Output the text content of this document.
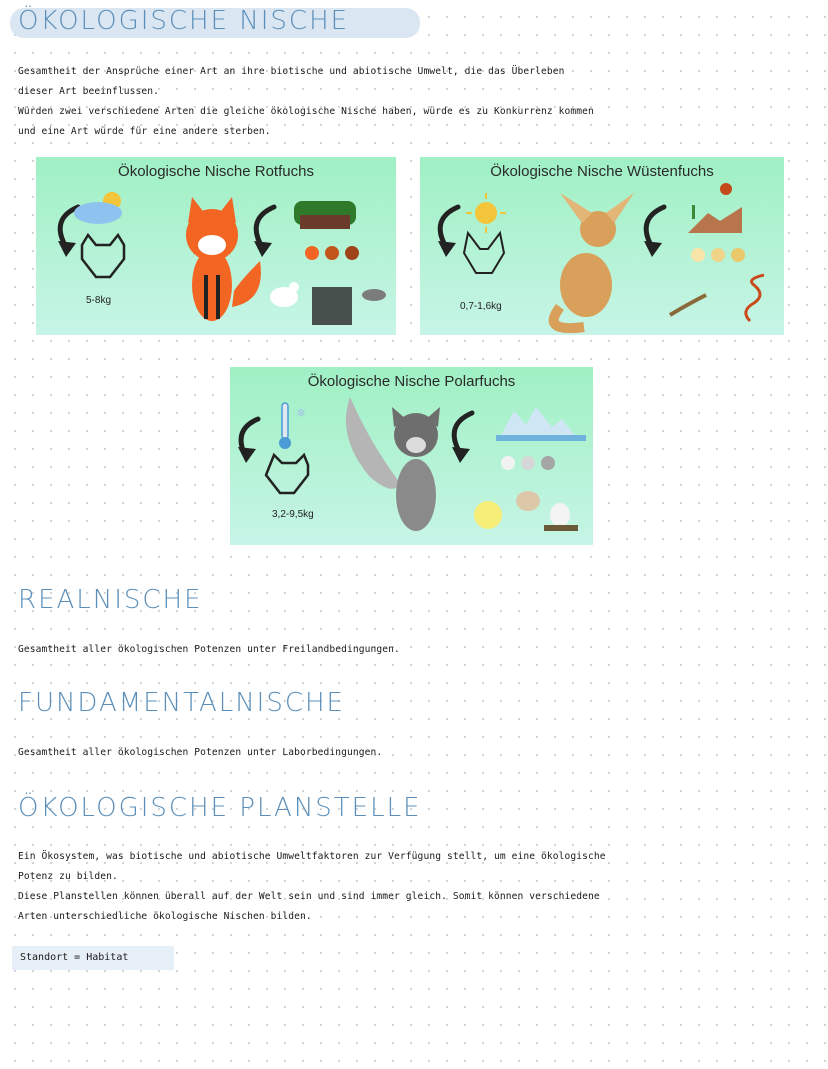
ÖKOLOGISCHE NISCHE
Gesamtheit der Ansprüche einer Art an ihre biotische und abiotische Umwelt, die das Überleben
dieser Art beeinflussen.
Würden zwei verschiedene Arten die gleiche ökologische Nische haben, würde es zu Konkurrenz kommen
und eine Art würde für eine andere sterben.
Ökologische Nische Rotfuchs
5-8kg
Ökologische Nische Wüstenfuchs
0,7-1,6kg
Ökologische Nische Polarfuchs
❄
3,2-9,5kg
REALNISCHE
Gesamtheit aller ökologischen Potenzen unter Freilandbedingungen.
FUNDAMENTALNISCHE
Gesamtheit aller ökologischen Potenzen unter Laborbedingungen.
ÖKOLOGISCHE PLANSTELLE
Ein Ökosystem, was biotische und abiotische Umweltfaktoren zur Verfügung stellt, um eine ökologische
Potenz zu bilden.
Diese Planstellen können überall auf der Welt sein und sind immer gleich. Somit können verschiedene
Arten unterschiedliche ökologische Nischen bilden.
Standort = Habitat
